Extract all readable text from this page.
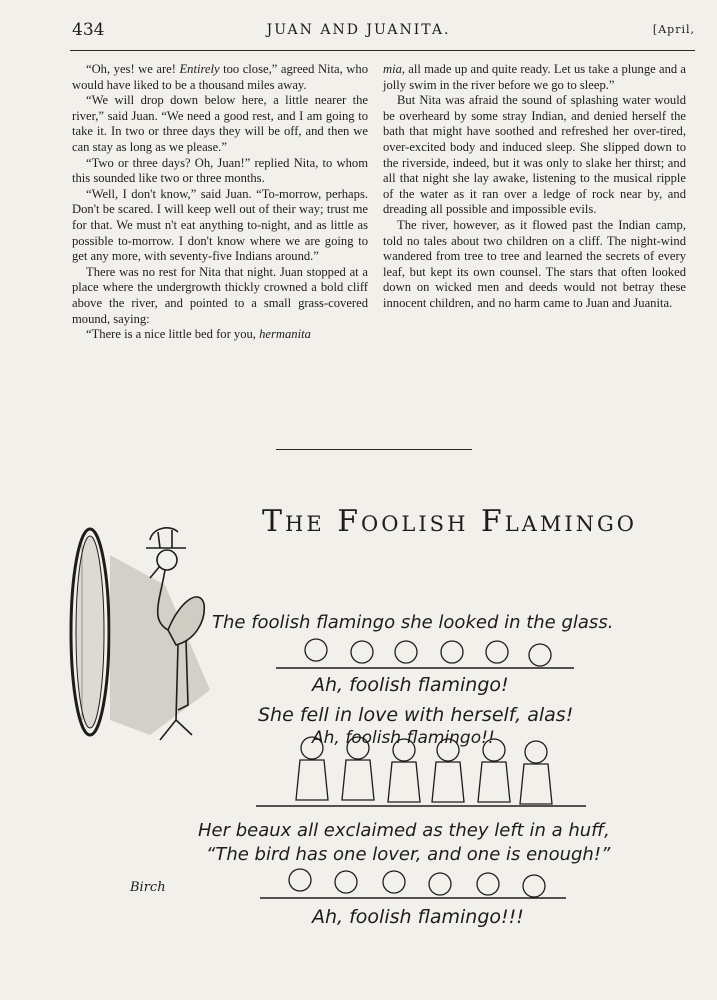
434	JUAN AND JUANITA.	[April,

“Oh, yes! we are! Entirely too close,” agreed Nita, who would have liked to be a thousand miles away.

“We will drop down below here, a little nearer the river,” said Juan. “We need a good rest, and I am going to take it. In two or three days they will be off, and then we can stay as long as we please.”

“Two or three days? Oh, Juan!” replied Nita, to whom this sounded like two or three months.

“Well, I don't know,” said Juan. “To-morrow, perhaps. Don't be scared. I will keep well out of their way; trust me for that. We must n't eat anything to-night, and as little as possible to-morrow. I don't know where we are going to get any more, with seventy-five Indians around.”

There was no rest for Nita that night. Juan stopped at a place where the undergrowth thickly crowned a bold cliff above the river, and pointed to a small grass-covered mound, saying:

“There is a nice little bed for you, hermanita

mia, all made up and quite ready. Let us take a plunge and a jolly swim in the river before we go to sleep.”

But Nita was afraid the sound of splashing water would be overheard by some stray Indian, and denied herself the bath that might have soothed and refreshed her over-tired, over-excited body and induced sleep. She slipped down to the riverside, indeed, but it was only to slake her thirst; and all that night she lay awake, listening to the musical ripple of the water as it ran over a ledge of rock near by, and dreading all possible and impossible evils.

The river, however, as it flowed past the Indian camp, told no tales about two children on a cliff. The night-wind wandered from tree to tree and learned the secrets of every leaf, but kept its own counsel. The stars that often looked down on wicked men and deeds would not betray these innocent children, and no harm came to Juan and Juanita.

The Foolish Flamingo
The foolish flamingo she looked in the glass.
Ah, foolish flamingo!
She fell in love with herself, alas!
Ah, foolish flamingo!!
Her beaux all exclaimed as they left in a huff,
“The bird has one lover, and one is enough!”
Ah, foolish flamingo!!!
Birch
